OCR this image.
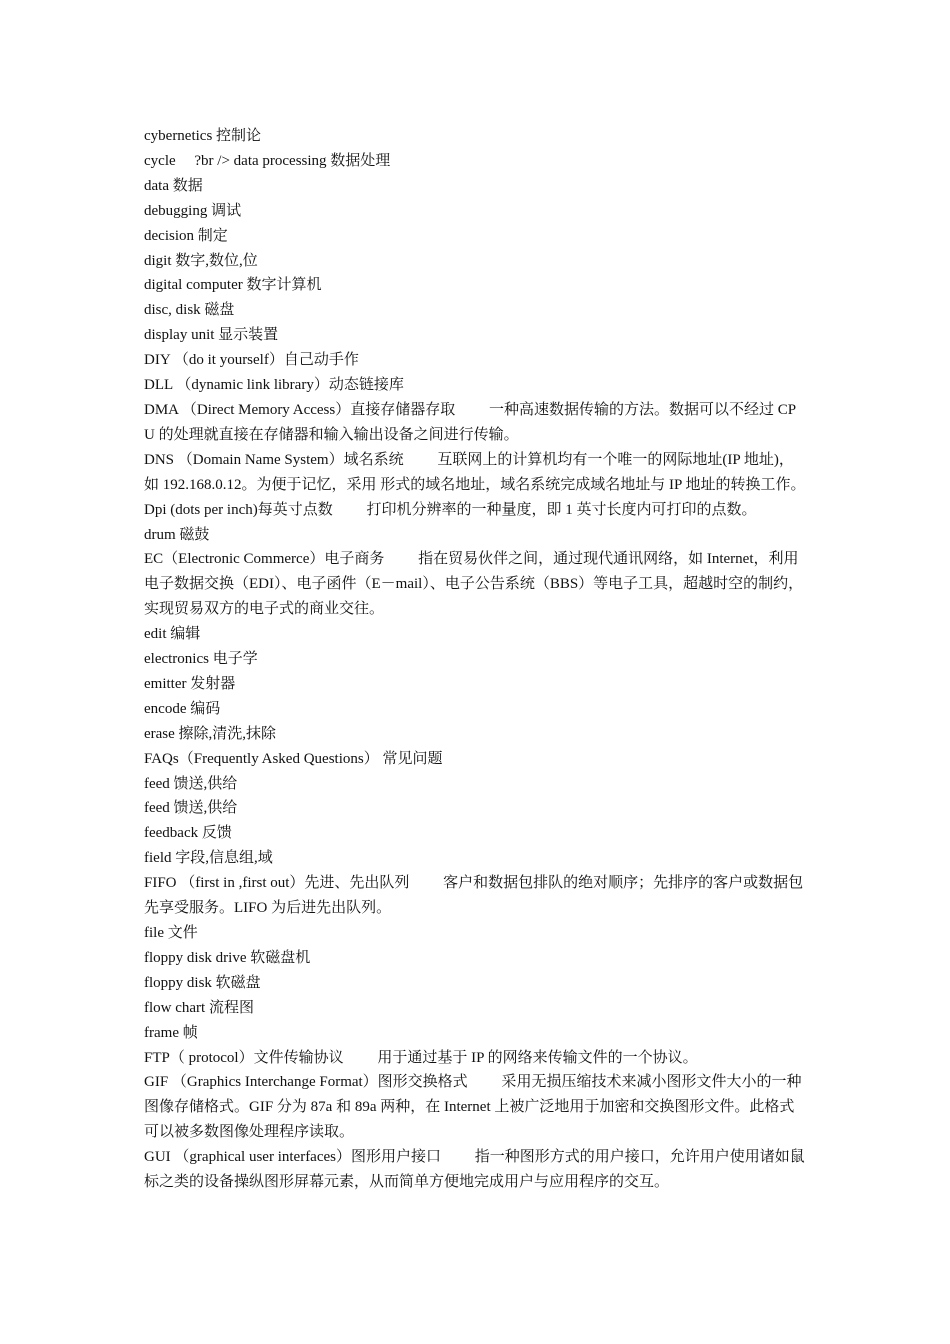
cybernetics 控制论

cycle     ?br /> data processing 数据处理

data 数据

debugging 调试

decision 制定

digit 数字,数位,位

digital computer 数字计算机

disc, disk 磁盘

display unit 显示装置

DIY （do it yourself）自己动手作

DLL （dynamic link library）动态链接库

DMA （Direct Memory Access）直接存储器存取         一种高速数据传输的方法。数据可以不经过 CPU 的处理就直接在存储器和输入输出设备之间进行传输。

DNS （Domain Name System）域名系统         互联网上的计算机均有一个唯一的网际地址(IP 地址)，如 192.168.0.12。为便于记忆，采用 形式的域名地址，域名系统完成域名地址与 IP 地址的转换工作。

Dpi (dots per inch)每英寸点数         打印机分辨率的一种量度，即 1 英寸长度内可打印的点数。

drum 磁鼓

EC（Electronic Commerce）电子商务         指在贸易伙伴之间，通过现代通讯网络，如 Internet，利用电子数据交换（EDI）、电子函件（E－mail）、电子公告系统（BBS）等电子工具，超越时空的制约，实现贸易双方的电子式的商业交往。

edit 编辑

electronics 电子学

emitter 发射器

encode 编码

erase 擦除,清洗,抹除

FAQs（Frequently Asked Questions） 常见问题

feed 馈送,供给

feed 馈送,供给

feedback 反馈

field 字段,信息组,域

FIFO （first in ,first out）先进、先出队列         客户和数据包排队的绝对顺序；先排序的客户或数据包先享受服务。LIFO 为后进先出队列。

file 文件

floppy disk drive 软磁盘机

floppy disk 软磁盘

flow chart 流程图

frame 帧

FTP（ protocol）文件传输协议         用于通过基于 IP 的网络来传输文件的一个协议。

GIF （Graphics Interchange Format）图形交换格式         采用无损压缩技术来减小图形文件大小的一种图像存储格式。GIF 分为 87a 和 89a 两种，在 Internet 上被广泛地用于加密和交换图形文件。此格式可以被多数图像处理程序读取。

GUI （graphical user interfaces）图形用户接口         指一种图形方式的用户接口，允许用户使用诸如鼠标之类的设备操纵图形屏幕元素，从而简单方便地完成用户与应用程序的交互。
